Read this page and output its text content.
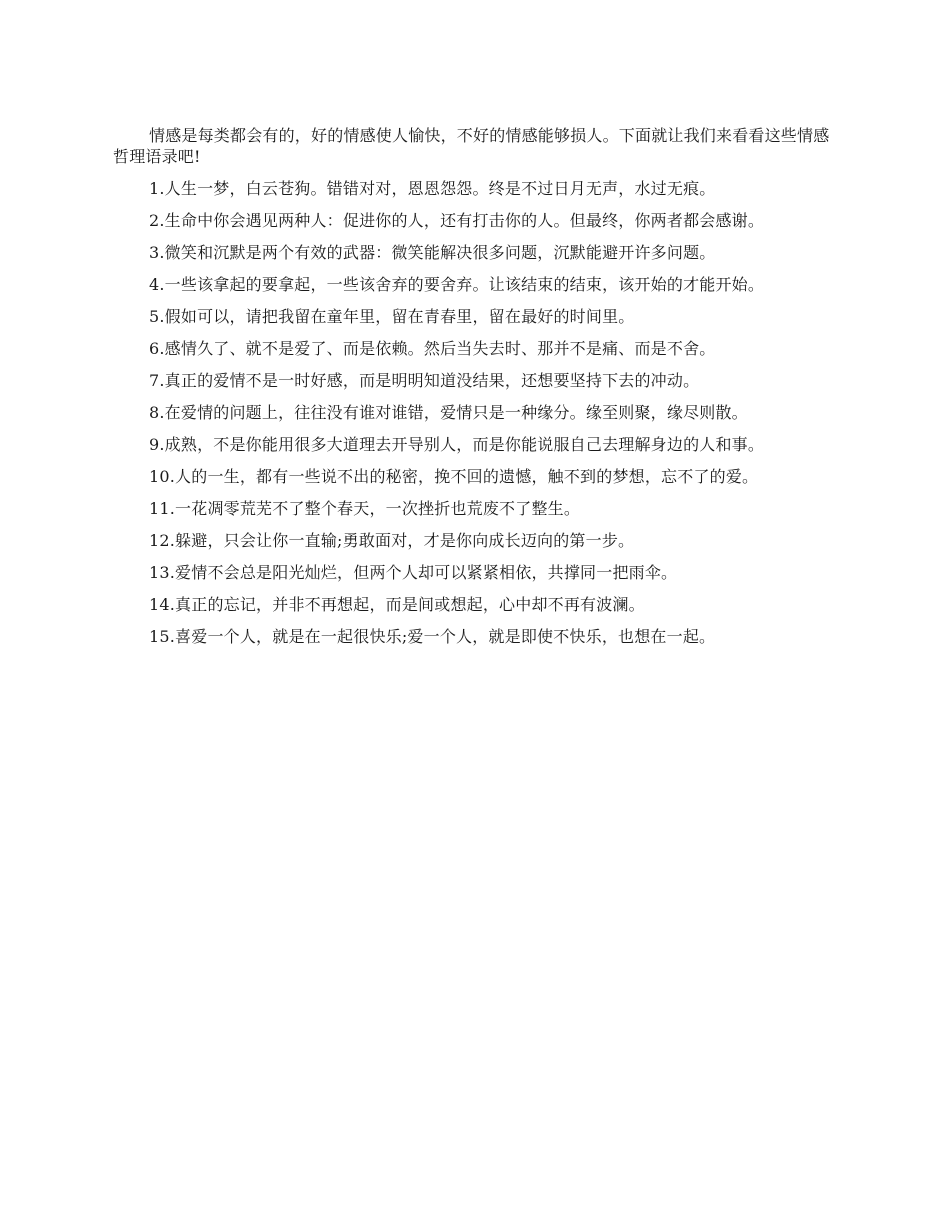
情感是每类都会有的，好的情感使人愉快，不好的情感能够损人。下面就让我们来看看这些情感哲理语录吧!

1.人生一梦，白云苍狗。错错对对，恩恩怨怨。终是不过日月无声，水过无痕。

2.生命中你会遇见两种人：促进你的人，还有打击你的人。但最终，你两者都会感谢。

3.微笑和沉默是两个有效的武器：微笑能解决很多问题，沉默能避开许多问题。

4.一些该拿起的要拿起，一些该舍弃的要舍弃。让该结束的结束，该开始的才能开始。

5.假如可以，请把我留在童年里，留在青春里，留在最好的时间里。

6.感情久了、就不是爱了、而是依赖。然后当失去时、那并不是痛、而是不舍。

7.真正的爱情不是一时好感，而是明明知道没结果，还想要坚持下去的冲动。

8.在爱情的问题上，往往没有谁对谁错，爱情只是一种缘分。缘至则聚，缘尽则散。

9.成熟，不是你能用很多大道理去开导别人，而是你能说服自己去理解身边的人和事。

10.人的一生，都有一些说不出的秘密，挽不回的遗憾，触不到的梦想，忘不了的爱。

11.一花凋零荒芜不了整个春天，一次挫折也荒废不了整生。

12.躲避，只会让你一直输;勇敢面对，才是你向成长迈向的第一步。

13.爱情不会总是阳光灿烂，但两个人却可以紧紧相依，共撑同一把雨伞。

14.真正的忘记，并非不再想起，而是间或想起，心中却不再有波澜。

15.喜爱一个人，就是在一起很快乐;爱一个人，就是即使不快乐，也想在一起。
